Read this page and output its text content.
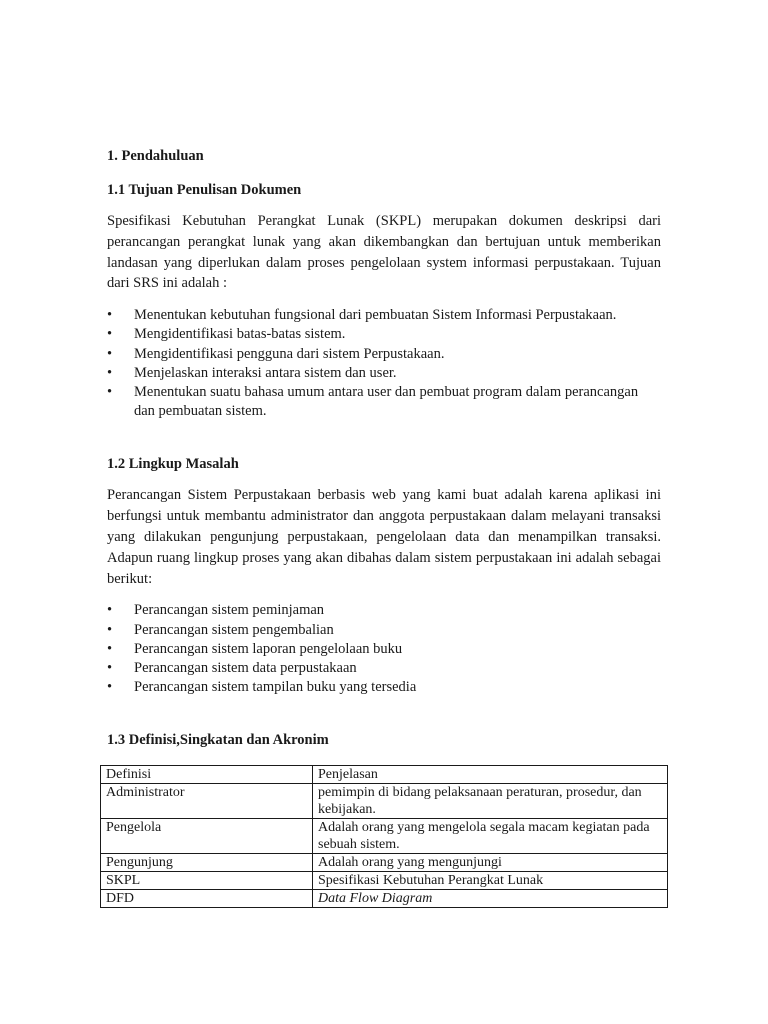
1. Pendahuluan
1.1 Tujuan Penulisan Dokumen

Spesifikasi Kebutuhan Perangkat Lunak (SKPL) merupakan dokumen deskripsi dari perancangan perangkat lunak yang akan dikembangkan dan bertujuan untuk memberikan landasan yang diperlukan dalam proses pengelolaan system informasi perpustakaan. Tujuan dari SRS ini adalah :

• Menentukan kebutuhan fungsional dari pembuatan Sistem Informasi Perpustakaan.
• Mengidentifikasi batas-batas sistem.
• Mengidentifikasi pengguna dari sistem Perpustakaan.
• Menjelaskan interaksi antara sistem dan user.
• Menentukan suatu bahasa umum antara user dan pembuat program dalam perancangan dan pembuatan sistem.
1.2 Lingkup Masalah

Perancangan Sistem Perpustakaan berbasis web yang kami buat adalah karena aplikasi ini berfungsi untuk membantu administrator dan anggota perpustakaan dalam melayani transaksi yang dilakukan pengunjung perpustakaan, pengelolaan data dan menampilkan transaksi. Adapun ruang lingkup proses yang akan dibahas dalam sistem perpustakaan ini adalah sebagai berikut:

• Perancangan sistem peminjaman
• Perancangan sistem pengembalian
• Perancangan sistem laporan pengelolaan buku
• Perancangan sistem data perpustakaan
• Perancangan sistem tampilan buku yang tersedia
1.3 Definisi,Singkatan dan Akronim
Definisi	Penjelasan
Administrator	pemimpin di bidang pelaksanaan peraturan, prosedur, dan kebijakan.
Pengelola	Adalah orang yang mengelola segala macam kegiatan pada sebuah sistem.
Pengunjung	Adalah orang yang mengunjungi
SKPL	Spesifikasi Kebutuhan Perangkat Lunak
DFD	Data Flow Diagram
